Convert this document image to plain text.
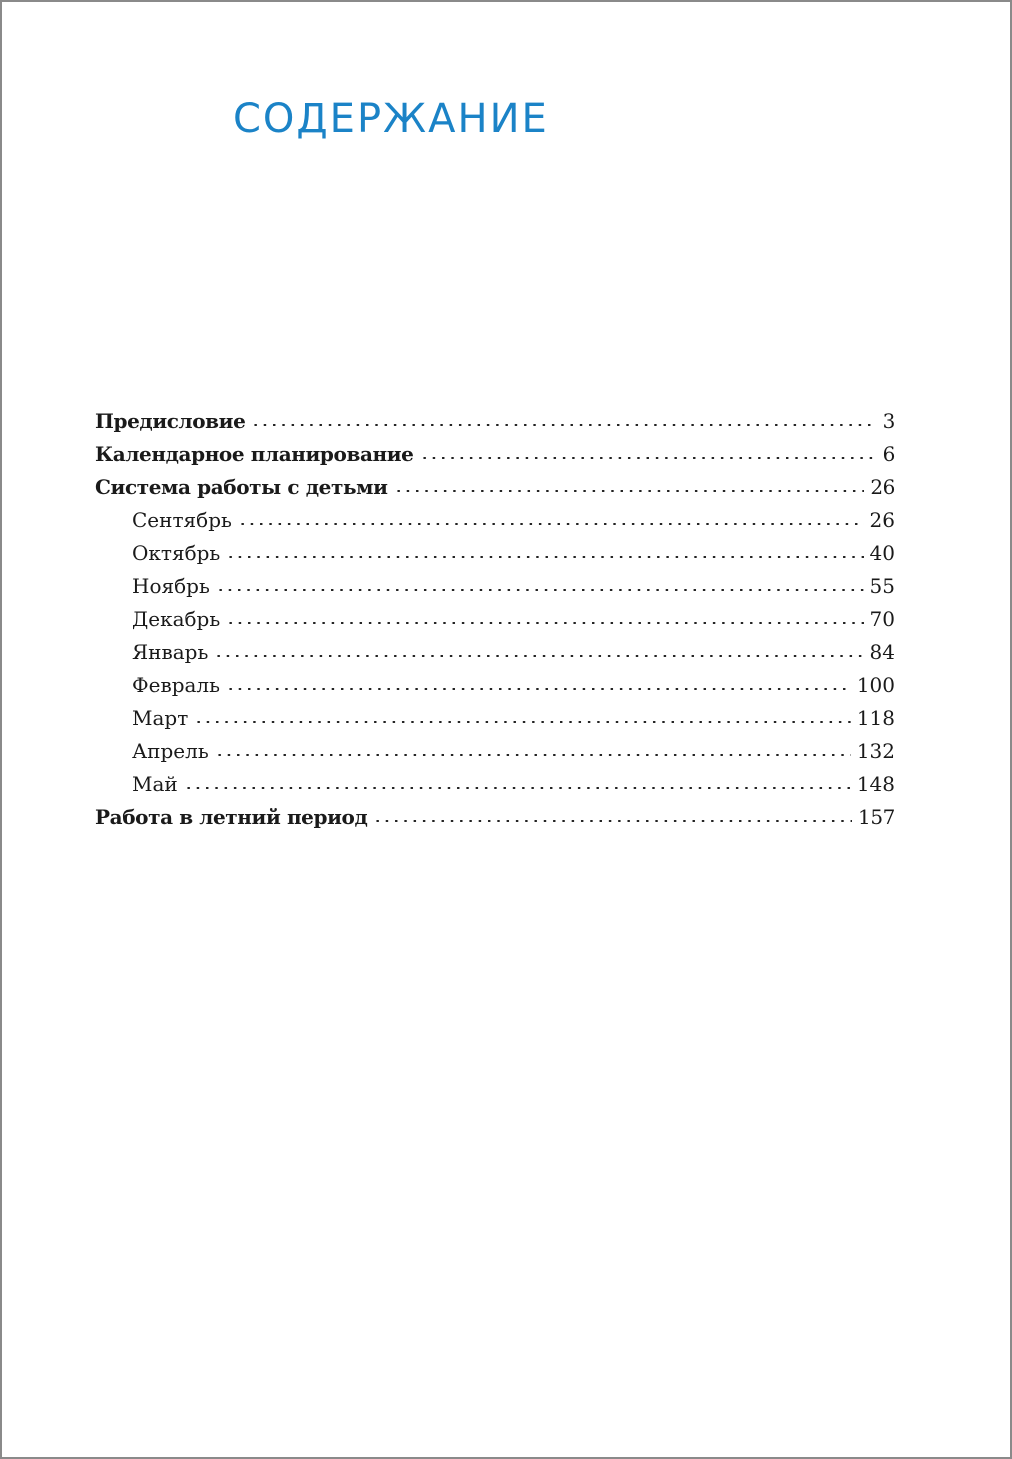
СОДЕРЖАНИЕ
Предисловие	3
Календарное планирование	6
Система работы с детьми	26
Сентябрь	26
Октябрь	40
Ноябрь	55
Декабрь	70
Январь	84
Февраль	100
Март	118
Апрель	132
Май	148
Работа в летний период	157
